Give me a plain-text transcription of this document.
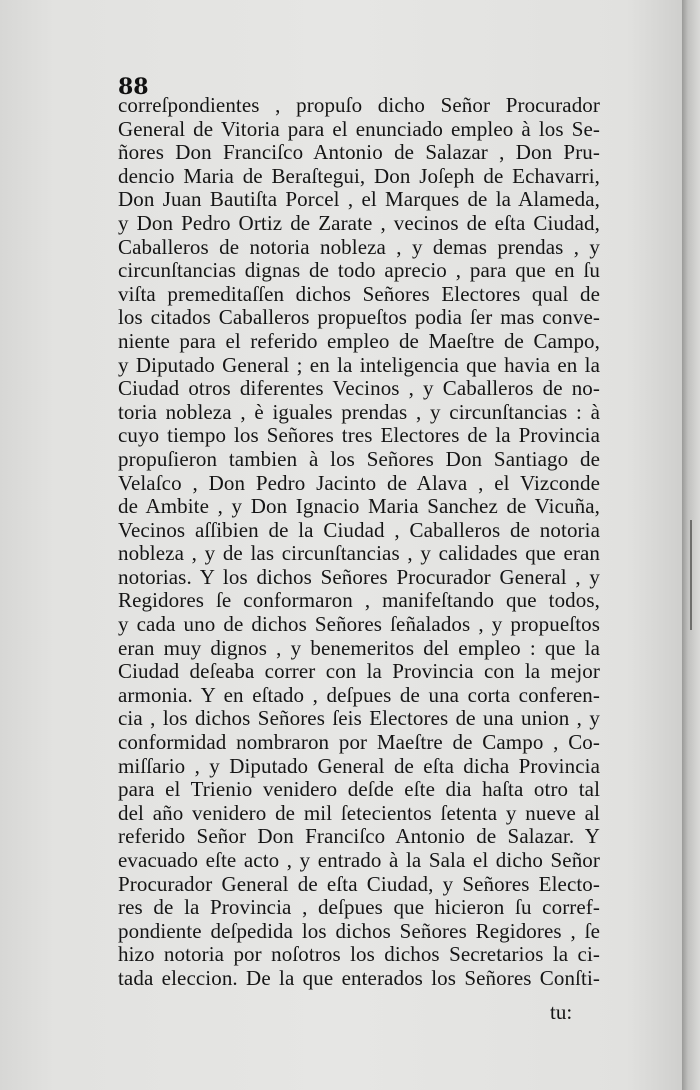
88
correſpondientes , propuſo dicho Señor Procurador
General de Vitoria para el enunciado empleo à los Se-
ñores Don Franciſco Antonio de Salazar , Don Pru-
dencio Maria de Beraſtegui, Don Joſeph de Echavarri,
Don Juan Bautiſta Porcel , el Marques de la Alameda,
y Don Pedro Ortiz de Zarate , vecinos de eſta Ciudad,
Caballeros de notoria nobleza , y demas prendas , y
circunſtancias dignas de todo aprecio , para que en ſu
viſta premeditaſſen dichos Señores Electores qual de
los citados Caballeros propueſtos podia ſer mas conve-
niente para el referido empleo de Maeſtre de Campo,
y Diputado General ; en la inteligencia que havia en la
Ciudad otros diferentes Vecinos , y Caballeros de no-
toria nobleza , è iguales prendas , y circunſtancias : à
cuyo tiempo los Señores tres Electores de la Provincia
propuſieron tambien à los Señores Don Santiago de
Velaſco , Don Pedro Jacinto de Alava , el Vizconde
de Ambite , y Don Ignacio Maria Sanchez de Vicuña,
Vecinos aſſibien de la Ciudad , Caballeros de notoria
nobleza , y de las circunſtancias , y calidades que eran
notorias. Y los dichos Señores Procurador General , y
Regidores ſe conformaron , manifeſtando que todos,
y cada uno de dichos Señores ſeñalados , y propueſtos
eran muy dignos , y benemeritos del empleo : que la
Ciudad deſeaba correr con la Provincia con la mejor
armonia. Y en eſtado , deſpues de una corta conferen-
cia , los dichos Señores ſeis Electores de una union , y
conformidad nombraron por Maeſtre de Campo , Co-
miſſario , y Diputado General de eſta dicha Provincia
para el Trienio venidero deſde eſte dia haſta otro tal
del año venidero de mil ſetecientos ſetenta y nueve al
referido Señor Don Franciſco Antonio de Salazar. Y
evacuado eſte acto , y entrado à la Sala el dicho Señor
Procurador General de eſta Ciudad, y Señores Electo-
res de la Provincia , deſpues que hicieron ſu corref-
pondiente deſpedida los dichos Señores Regidores , ſe
hizo notoria por noſotros los dichos Secretarios la ci-
tada eleccion. De la que enterados los Señores Conſti-
tu:
